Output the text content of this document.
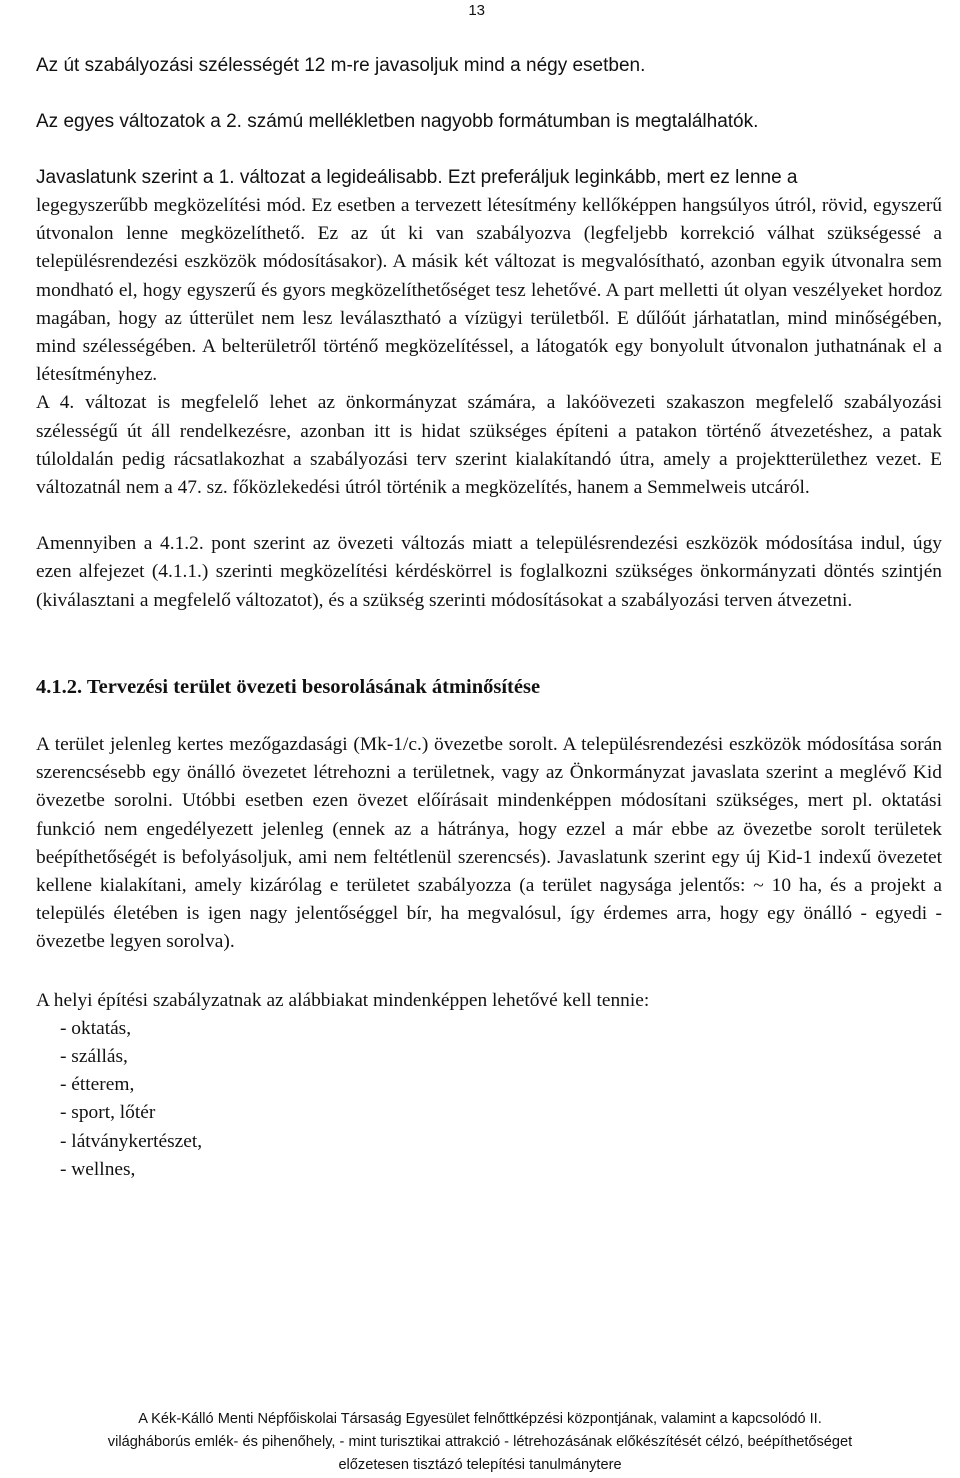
13

Az út szabályozási szélességét 12 m-re javasoljuk mind a négy esetben.

Az egyes változatok a 2. számú mellékletben nagyobb formátumban is megtalálhatók.

Javaslatunk szerint a 1. változat a legideálisabb. Ezt preferáljuk leginkább, mert ez lenne a

legegyszerűbb megközelítési mód. Ez esetben a tervezett létesítmény kellőképpen hangsúlyos útról, rövid, egyszerű útvonalon lenne megközelíthető. Ez az út ki van szabályozva (legfeljebb korrekció válhat szükségessé a településrendezési eszközök módosításakor). A másik két változat is megvalósítható, azonban egyik útvonalra sem mondható el, hogy egyszerű és gyors megközelíthetőséget tesz lehetővé. A part melletti út olyan veszélyeket hordoz magában, hogy az útterület nem lesz leválasztható a vízügyi területből. E dűlőút járhatatlan, mind minőségében, mind szélességében. A belterületről történő megközelítéssel, a látogatók egy bonyolult útvonalon juthatnának el a létesítményhez.

A 4. változat is megfelelő lehet az önkormányzat számára, a lakóövezeti szakaszon megfelelő szabályozási szélességű út áll rendelkezésre, azonban itt is hidat szükséges építeni a patakon történő átvezetéshez, a patak túloldalán pedig rácsatlakozhat a szabályozási terv szerint kialakítandó útra, amely a projektterülethez vezet. E változatnál nem a 47. sz. főközlekedési útról történik a megközelítés, hanem a Semmelweis utcáról.

Amennyiben a 4.1.2. pont szerint az övezeti változás miatt a településrendezési eszközök módosítása indul, úgy ezen alfejezet (4.1.1.) szerinti megközelítési kérdéskörrel is foglalkozni szükséges önkormányzati döntés szintjén (kiválasztani a megfelelő változatot), és a szükség szerinti módosításokat a szabályozási terven átvezetni.

4.1.2. Tervezési terület övezeti besorolásának átminősítése

A terület jelenleg kertes mezőgazdasági (Mk-1/c.) övezetbe sorolt. A településrendezési eszközök módosítása során szerencsésebb egy önálló övezetet létrehozni a területnek, vagy az Önkormányzat javaslata szerint a meglévő Kid övezetbe sorolni. Utóbbi esetben ezen övezet előírásait mindenképpen módosítani szükséges, mert pl. oktatási funkció nem engedélyezett jelenleg (ennek az a hátránya, hogy ezzel a már ebbe az övezetbe sorolt területek beépíthetőségét is befolyásoljuk, ami nem feltétlenül szerencsés). Javaslatunk szerint egy új Kid-1 indexű övezetet kellene kialakítani, amely kizárólag e területet szabályozza (a terület nagysága jelentős: ~ 10 ha, és a projekt a település életében is igen nagy jelentőséggel bír, ha megvalósul, így érdemes arra, hogy egy önálló - egyedi - övezetbe legyen sorolva).

A helyi építési szabályzatnak az alábbiakat mindenképpen lehetővé kell tennie:

- oktatás,
- szállás,
- étterem,
- sport, lőtér
- látványkertészet,
- wellnes,
A Kék-Kálló Menti Népfőiskolai Társaság Egyesület felnőttképzési központjának, valamint a kapcsolódó II.
világháborús emlék- és pihenőhely, - mint turisztikai attrakció - létrehozásának előkészítését célzó, beépíthetőséget
előzetesen tisztázó telepítési tanulmánytere
